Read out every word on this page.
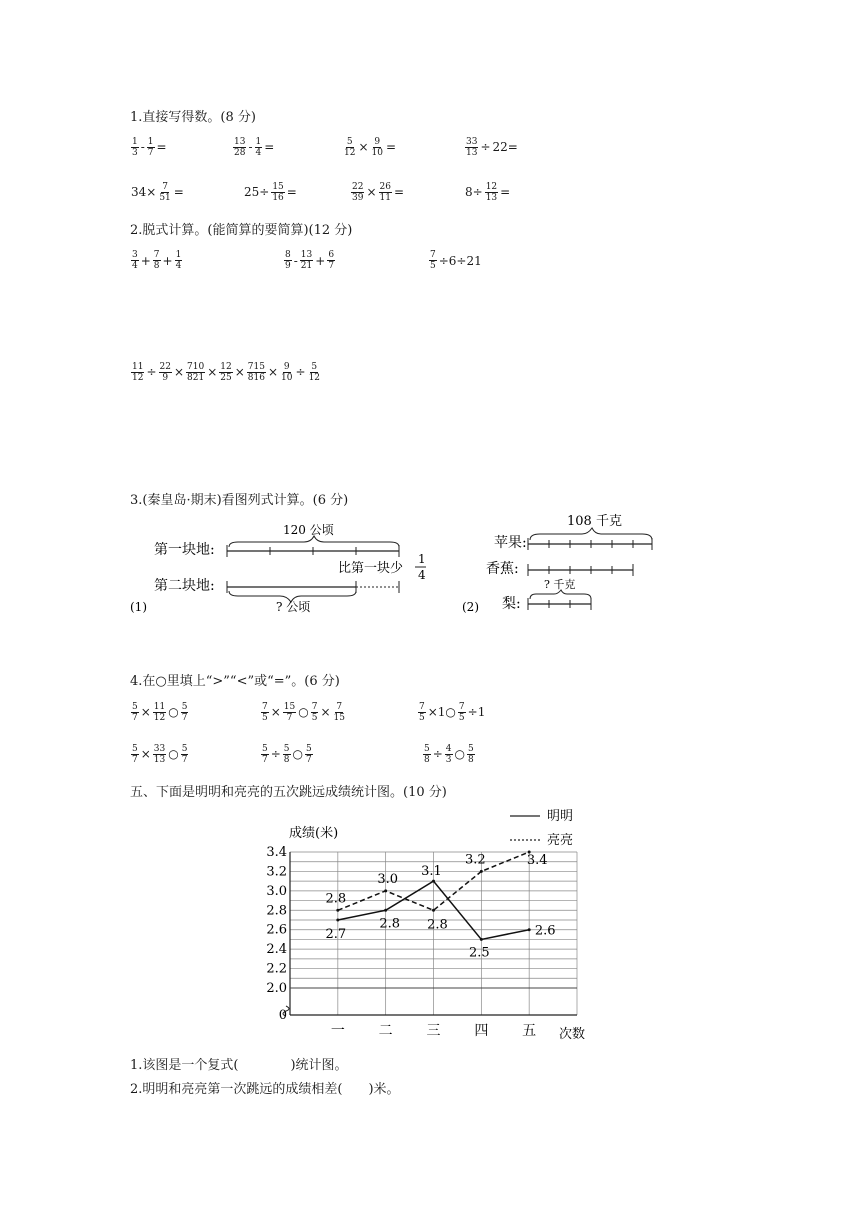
1.直接写得数。(8 分)
$\frac{1}{3} - \frac{1}{7}$ =	$\frac{13}{28} - \frac{1}{4}$ =	$\frac{5}{12} \times \frac{9}{10}$ =	$\frac{33}{13} \div 22=$
$34\times \frac{7}{51}$ =	$25\div \frac{15}{16}$ =	$\frac{22}{39} \times \frac{26}{11}$ =	$8\div \frac{12}{13}$ =
2.脱式计算。(能简算的要简算)(12 分)
$\frac{3}{4} + \frac{7}{8} + \frac{1}{4}$	$\frac{8}{9} - \frac{13}{21} + \frac{6}{7}$	$\frac{7}{5} \div 6\div 21$
$\frac{11}{12} \div \frac{22}{9} \times \frac{710}{821} \times \frac{12}{25} \times \frac{715}{816} \times \frac{9}{10} \div \frac{5}{12}$
3.(秦皇岛·期末)看图列式计算。(6 分)
第一块地:
第二块地:
120 公顷
比第一块少
1
4
? 公顷
(1)
108 千克
苹果:
香蕉:
? 千克
梨:
(2)
4.在○里填上“>”“<”或“=”。(6 分)
$\frac{5}{7} \times \frac{11}{12}$ ○ $\frac{5}{7}$	$\frac{7}{5} \times \frac{15}{7}$ ○ $\frac{7}{5} \times \frac{7}{15}$	$\frac{7}{5}$ ×1○ $\frac{7}{5} \div 1$
$\frac{5}{7} \times \frac{33}{13}$ ○ $\frac{5}{7}$	$\frac{5}{7} \div \frac{5}{8}$ ○ $\frac{5}{7}$	$\frac{5}{8} \div \frac{4}{3}$ ○ $\frac{5}{8}$
五、下面是明明和亮亮的五次跳远成绩统计图。(10 分)
0
2.0
2.2
2.4
2.6
2.8
3.0
3.2
3.4
一 二 三 四 五
2.7
2.8
3.1
2.5
2.6
2.8
3.0
2.8
3.2	3.4
明明
亮亮
成绩(米)
次数
1.该图是一个复式(　　　　)统计图。
2.明明和亮亮第一次跳远的成绩相差(　　)米。
